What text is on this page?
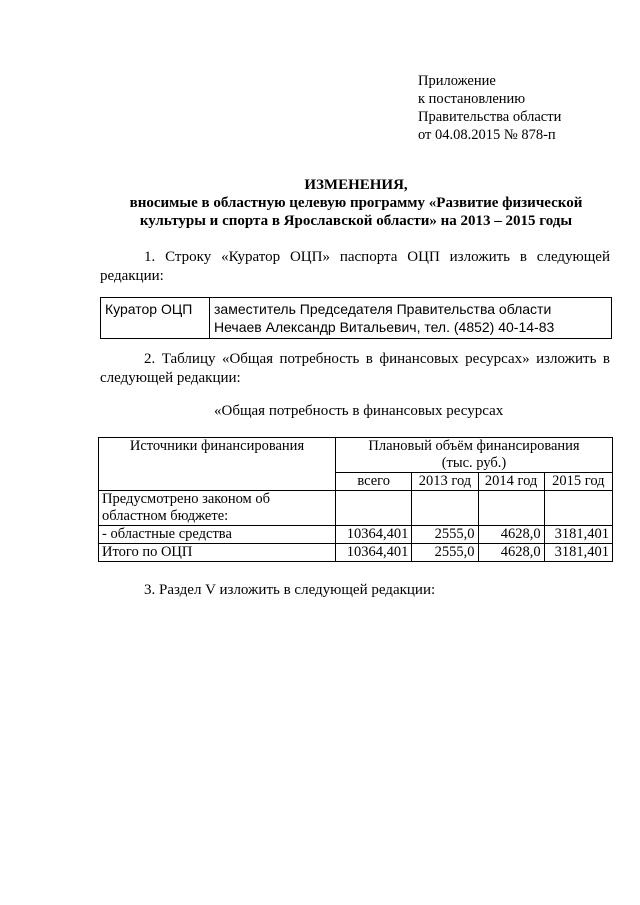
Приложение
к постановлению
Правительства области
от 04.08.2015 № 878-п
ИЗМЕНЕНИЯ,
вносимые в областную целевую программу «Развитие физической
культуры и спорта в Ярославской области» на 2013 – 2015 годы
1. Строку «Куратор ОЦП» паспорта ОЦП изложить в следующей редакции:
Куратор ОЦП	заместитель Председателя Правительства области
Нечаев Александр Витальевич, тел. (4852) 40-14-83
2. Таблицу «Общая потребность в финансовых ресурсах» изложить в следующей редакции:
«Общая потребность в финансовых ресурсах
Источники финансирования	Плановый объём финансирования
(тыс. руб.)			

	всего	2013 год	2014 год	2015 год
Предусмотрено законом об областном бюджете:				
- областные средства	10364,401	2555,0	4628,0	3181,401
Итого по ОЦП	10364,401	2555,0	4628,0	3181,401
3. Раздел V изложить в следующей редакции:
